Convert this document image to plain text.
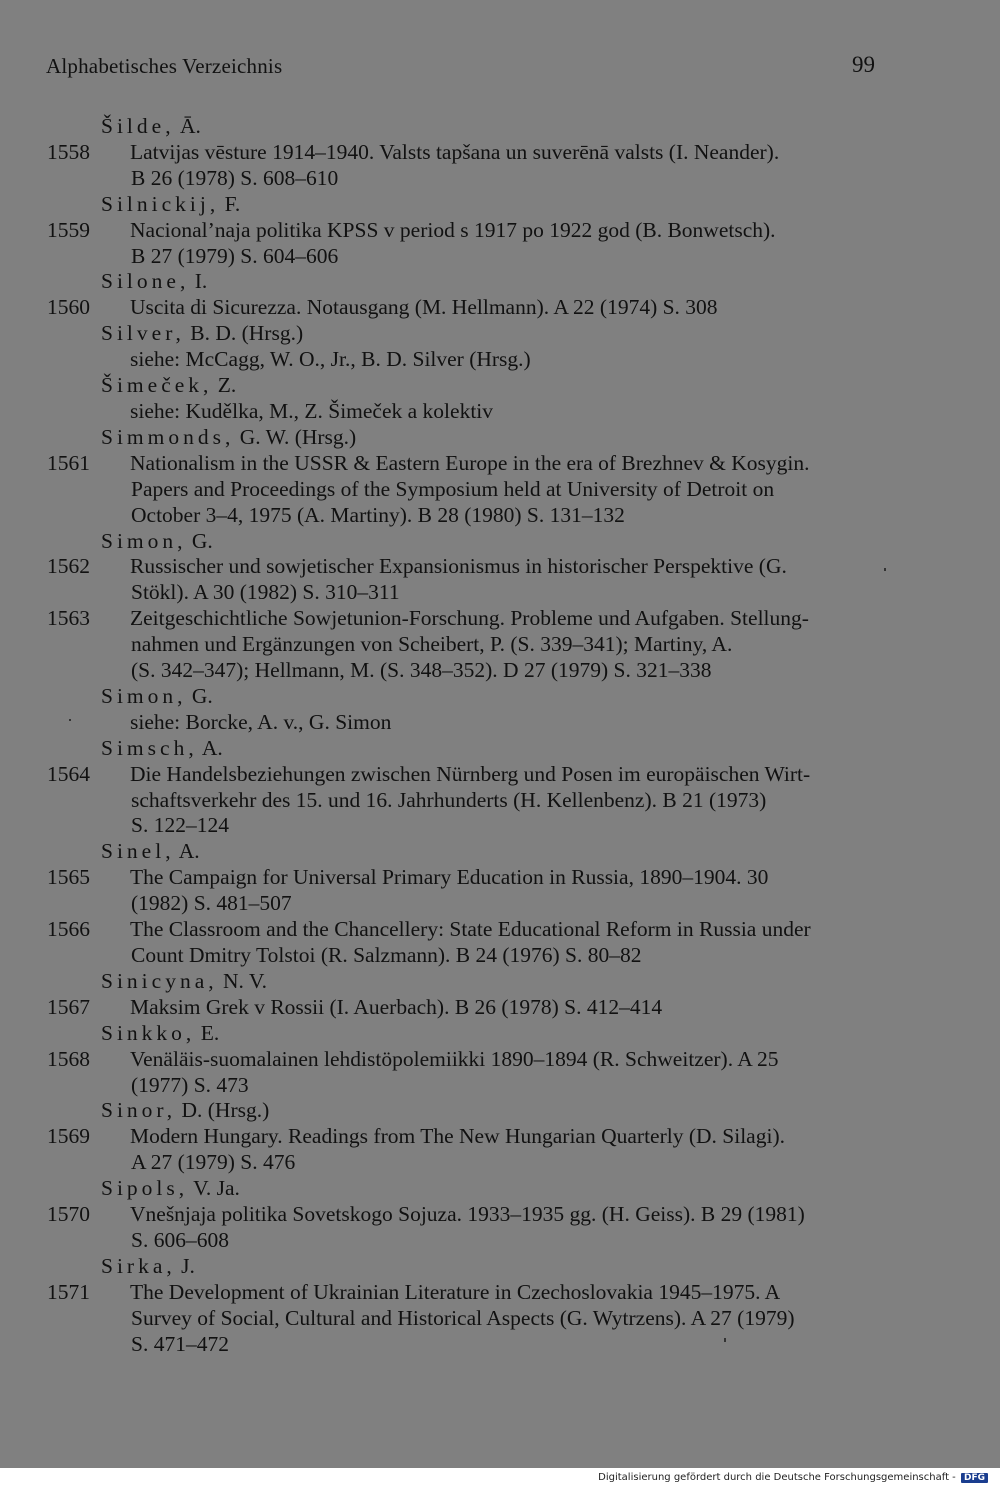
Alphabetisches Verzeichnis	99
Šilde, Ā.
1558	Latvijas vēsture 1914–1940. Valsts tapšana un suverēnā valsts (I. Neander).
B 26 (1978) S. 608–610
Silnickij, F.
1559	Nacional’naja politika KPSS v period s 1917 po 1922 god (B. Bonwetsch).
B 27 (1979) S. 604–606
Silone, I.
1560	Uscita di Sicurezza. Notausgang (M. Hellmann). A 22 (1974) S. 308
Silver, B. D. (Hrsg.)
siehe: McCagg, W. O., Jr., B. D. Silver (Hrsg.)
Šimeček, Z.
siehe: Kudělka, M., Z. Šimeček a kolektiv
Simmonds, G. W. (Hrsg.)
1561	Nationalism in the USSR & Eastern Europe in the era of Brezhnev & Kosygin.
Papers and Proceedings of the Symposium held at University of Detroit on
October 3–4, 1975 (A. Martiny). B 28 (1980) S. 131–132
Simon, G.
1562	Russischer und sowjetischer Expansionismus in historischer Perspektive (G.
Stökl). A 30 (1982) S. 310–311
1563	Zeitgeschichtliche Sowjetunion-Forschung. Probleme und Aufgaben. Stellung-
nahmen und Ergänzungen von Scheibert, P. (S. 339–341); Martiny, A.
(S. 342–347); Hellmann, M. (S. 348–352). D 27 (1979) S. 321–338
Simon, G.
siehe: Borcke, A. v., G. Simon
Simsch, A.
1564	Die Handelsbeziehungen zwischen Nürnberg und Posen im europäischen Wirt-
schaftsverkehr des 15. und 16. Jahrhunderts (H. Kellenbenz). B 21 (1973)
S. 122–124
Sinel, A.
1565	The Campaign for Universal Primary Education in Russia, 1890–1904. 30
(1982) S. 481–507
1566	The Classroom and the Chancellery: State Educational Reform in Russia under
Count Dmitry Tolstoi (R. Salzmann). B 24 (1976) S. 80–82
Sinicyna, N. V.
1567	Maksim Grek v Rossii (I. Auerbach). B 26 (1978) S. 412–414
Sinkko, E.
1568	Venäläis-suomalainen lehdistöpolemiikki 1890–1894 (R. Schweitzer). A 25
(1977) S. 473
Sinor, D. (Hrsg.)
1569	Modern Hungary. Readings from The New Hungarian Quarterly (D. Silagi).
A 27 (1979) S. 476
Sipols, V. Ja.
1570	Vnešnjaja politika Sovetskogo Sojuza. 1933–1935 gg. (H. Geiss). B 29 (1981)
S. 606–608
Sirka, J.
1571	The Development of Ukrainian Literature in Czechoslovakia 1945–1975. A
Survey of Social, Cultural and Historical Aspects (G. Wytrzens). A 27 (1979)
S. 471–472
Digitalisierung gefördert durch die Deutsche Forschungsgemeinschaft - DFG
